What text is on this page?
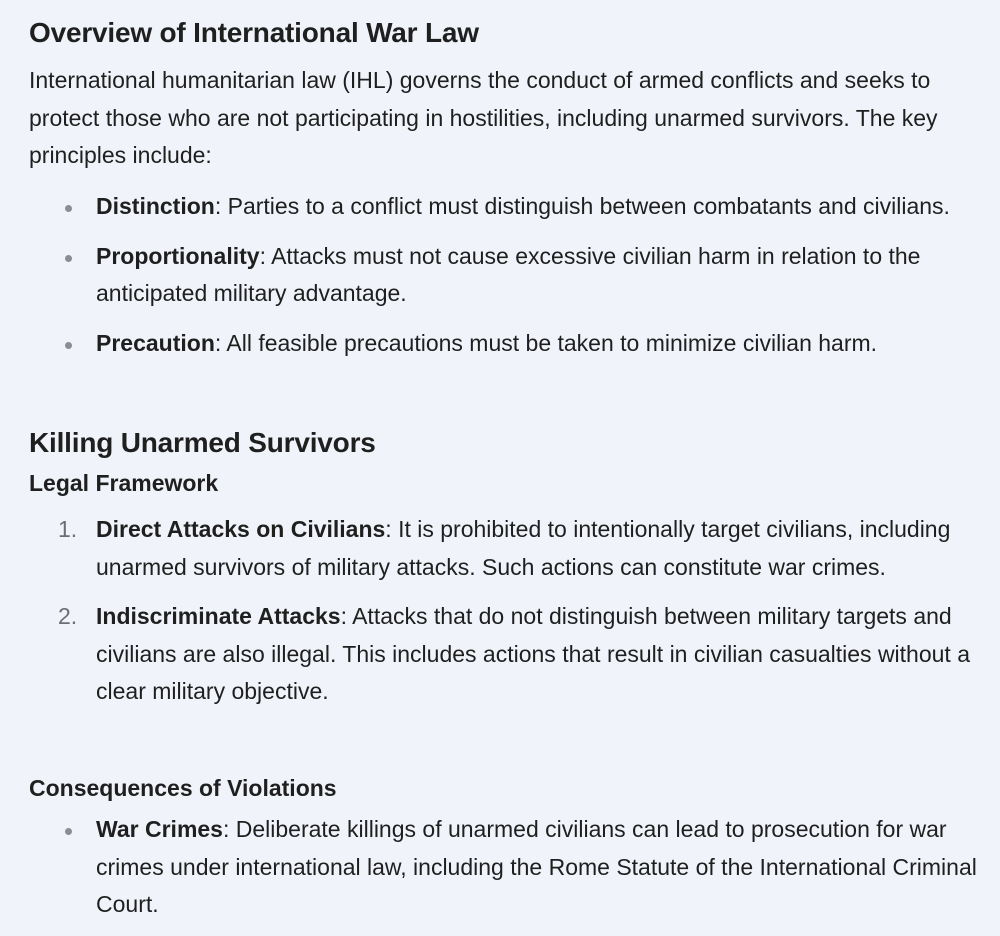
Overview of International War Law

International humanitarian law (IHL) governs the conduct of armed conflicts and seeks to protect those who are not participating in hostilities, including unarmed survivors. The key principles include:

Distinction: Parties to a conflict must distinguish between combatants and civilians.
Proportionality: Attacks must not cause excessive civilian harm in relation to the anticipated military advantage.
Precaution: All feasible precautions must be taken to minimize civilian harm.
Killing Unarmed Survivors
Legal Framework
1. Direct Attacks on Civilians: It is prohibited to intentionally target civilians, including unarmed survivors of military attacks. Such actions can constitute war crimes.
2. Indiscriminate Attacks: Attacks that do not distinguish between military targets and civilians are also illegal. This includes actions that result in civilian casualties without a clear military objective.
Consequences of Violations
War Crimes: Deliberate killings of unarmed civilians can lead to prosecution for war crimes under international law, including the Rome Statute of the International Criminal Court.
